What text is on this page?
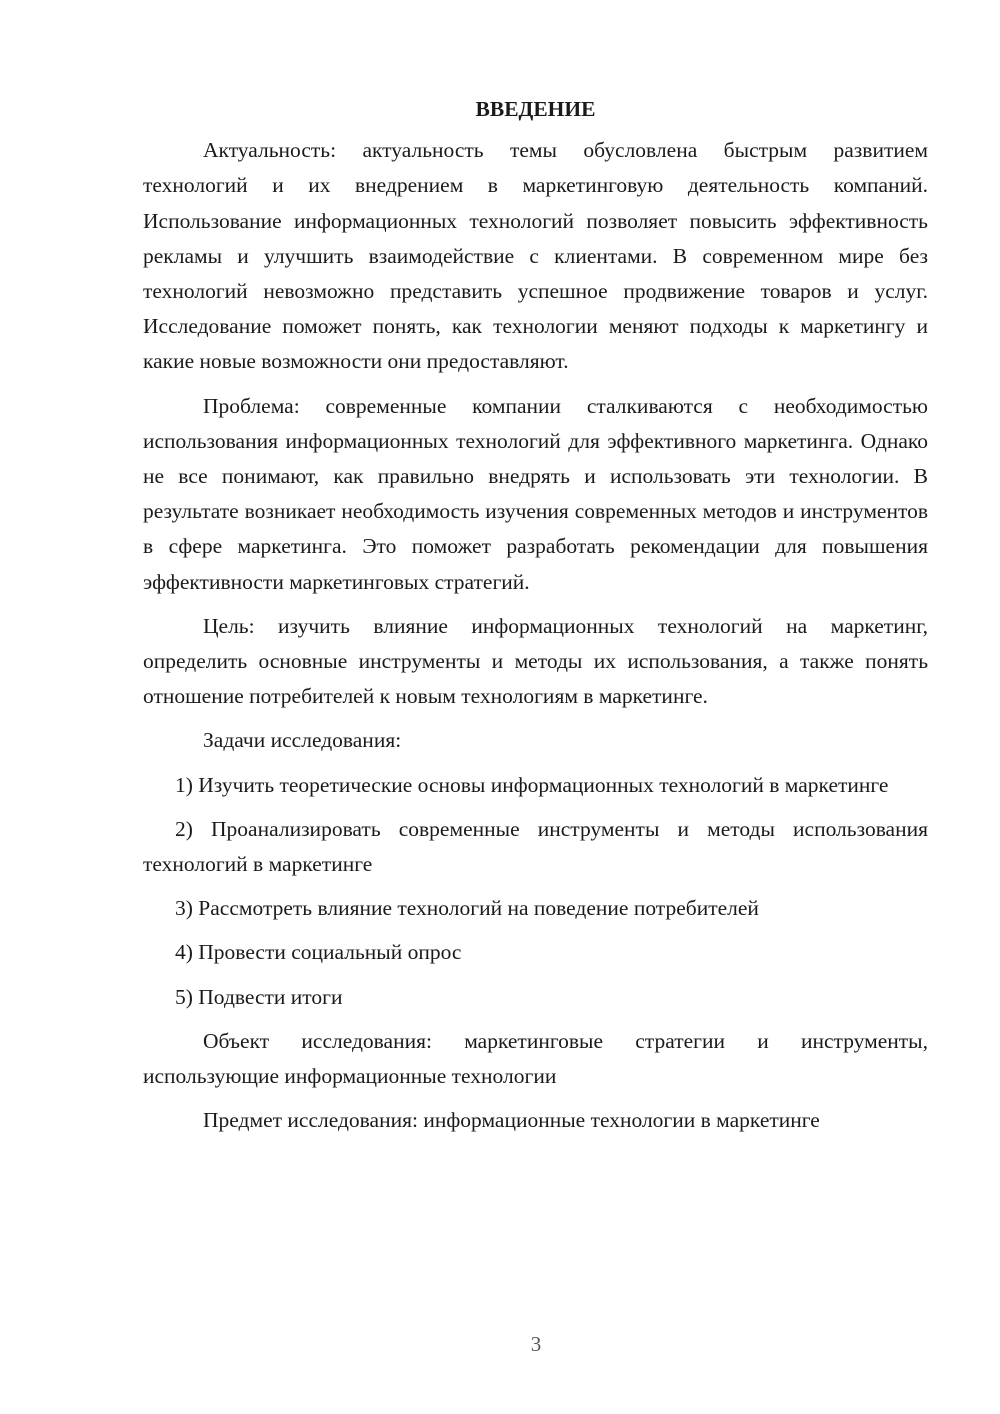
ВВЕДЕНИЕ

Актуальность: актуальность темы обусловлена быстрым развитием технологий и их внедрением в маркетинговую деятельность компаний. Использование информационных технологий позволяет повысить эффективность рекламы и улучшить взаимодействие с клиентами. В современном мире без технологий невозможно представить успешное продвижение товаров и услуг. Исследование поможет понять, как технологии меняют подходы к маркетингу и какие новые возможности они предоставляют.

Проблема: современные компании сталкиваются с необходимостью использования информационных технологий для эффективного маркетинга. Однако не все понимают, как правильно внедрять и использовать эти технологии. В результате возникает необходимость изучения современных методов и инструментов в сфере маркетинга. Это поможет разработать рекомендации для повышения эффективности маркетинговых стратегий.

Цель: изучить влияние информационных технологий на маркетинг, определить основные инструменты и методы их использования, а также понять отношение потребителей к новым технологиям в маркетинге.

Задачи исследования:

1) Изучить теоретические основы информационных технологий в маркетинге

2) Проанализировать современные инструменты и методы использования технологий в маркетинге

3) Рассмотреть влияние технологий на поведение потребителей

4) Провести социальный опрос

5) Подвести итоги

Объект исследования: маркетинговые стратегии и инструменты, использующие информационные технологии

Предмет исследования: информационные технологии в маркетинге

3
